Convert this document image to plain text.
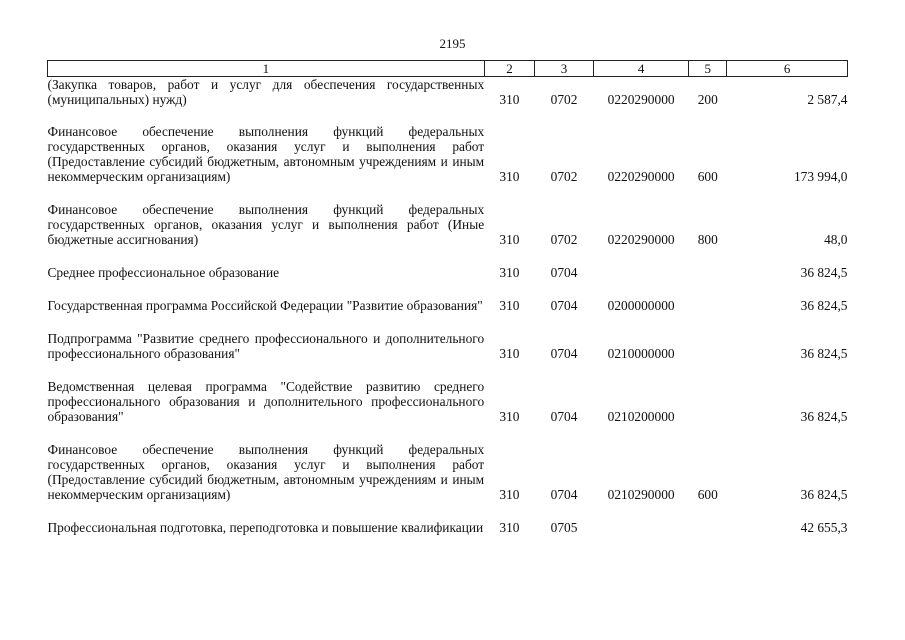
2195
1	2	3	4	5	6
(Закупка товаров, работ и услуг для обеспечения государственных (муниципальных) нужд)	310	0702	0220290000	200	2 587,4
Финансовое обеспечение выполнения функций федеральных государственных органов, оказания услуг и выполнения работ (Предоставление субсидий бюджетным, автономным учреждениям и иным некоммерческим организациям)	310	0702	0220290000	600	173 994,0
Финансовое обеспечение выполнения функций федеральных государственных органов, оказания услуг и выполнения работ (Иные бюджетные ассигнования)	310	0702	0220290000	800	48,0
Среднее профессиональное образование	310	0704			36 824,5
Государственная программа Российской Федерации "Развитие образования"	310	0704	0200000000		36 824,5
Подпрограмма "Развитие среднего профессионального и дополнительного профессионального образования"	310	0704	0210000000		36 824,5
Ведомственная целевая программа "Содействие развитию среднего профессионального образования и дополнительного профессионального образования"	310	0704	0210200000		36 824,5
Финансовое обеспечение выполнения функций федеральных государственных органов, оказания услуг и выполнения работ (Предоставление субсидий бюджетным, автономным учреждениям и иным некоммерческим организациям)	310	0704	0210290000	600	36 824,5
Профессиональная подготовка, переподготовка и повышение квалификации	310	0705			42 655,3
